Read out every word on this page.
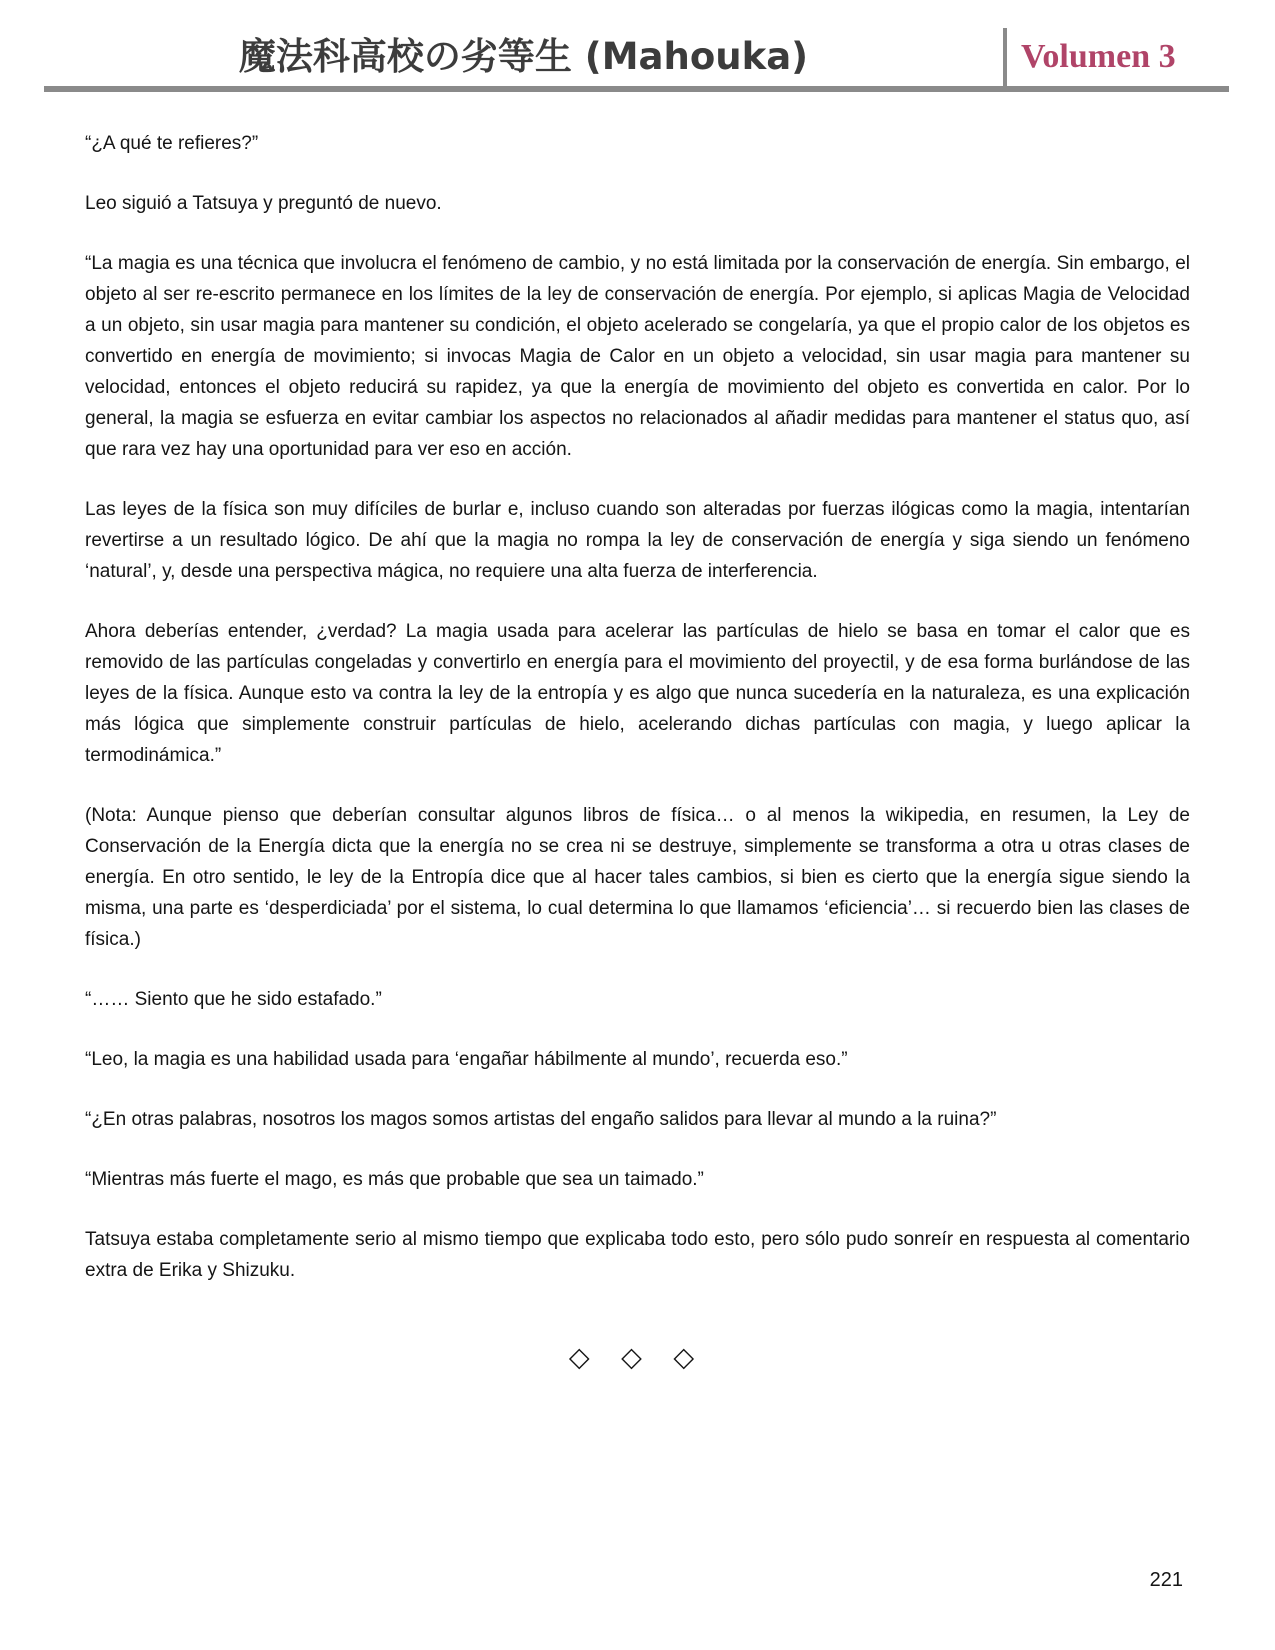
魔法科高校の劣等生 (Mahouka)	Volumen 3

“¿A qué te refieres?”

Leo siguió a Tatsuya y preguntó de nuevo.

“La magia es una técnica que involucra el fenómeno de cambio, y no está limitada por la conservación de energía. Sin embargo, el objeto al ser re-escrito permanece en los límites de la ley de conservación de energía. Por ejemplo, si aplicas Magia de Velocidad a un objeto, sin usar magia para mantener su condición, el objeto acelerado se congelaría, ya que el propio calor de los objetos es convertido en energía de movimiento; si invocas Magia de Calor en un objeto a velocidad, sin usar magia para mantener su velocidad, entonces el objeto reducirá su rapidez, ya que la energía de movimiento del objeto es convertida en calor. Por lo general, la magia se esfuerza en evitar cambiar los aspectos no relacionados al añadir medidas para mantener el status quo, así que rara vez hay una oportunidad para ver eso en acción.

Las leyes de la física son muy difíciles de burlar e, incluso cuando son alteradas por fuerzas ilógicas como la magia, intentarían revertirse a un resultado lógico. De ahí que la magia no rompa la ley de conservación de energía y siga siendo un fenómeno ‘natural’, y, desde una perspectiva mágica, no requiere una alta fuerza de interferencia.

Ahora deberías entender, ¿verdad? La magia usada para acelerar las partículas de hielo se basa en tomar el calor que es removido de las partículas congeladas y convertirlo en energía para el movimiento del proyectil, y de esa forma burlándose de las leyes de la física. Aunque esto va contra la ley de la entropía y es algo que nunca sucedería en la naturaleza, es una explicación más lógica que simplemente construir partículas de hielo, acelerando dichas partículas con magia, y luego aplicar la termodinámica.”

(Nota: Aunque pienso que deberían consultar algunos libros de física… o al menos la wikipedia, en resumen, la Ley de Conservación de la Energía dicta que la energía no se crea ni se destruye, simplemente se transforma a otra u otras clases de energía. En otro sentido, le ley de la Entropía dice que al hacer tales cambios, si bien es cierto que la energía sigue siendo la misma, una parte es ‘desperdiciada’ por el sistema, lo cual determina lo que llamamos ‘eficiencia’… si recuerdo bien las clases de física.)

“…… Siento que he sido estafado.”

“Leo, la magia es una habilidad usada para ‘engañar hábilmente al mundo’, recuerda eso.”

“¿En otras palabras, nosotros los magos somos artistas del engaño salidos para llevar al mundo a la ruina?”

“Mientras más fuerte el mago, es más que probable que sea un taimado.”

Tatsuya estaba completamente serio al mismo tiempo que explicaba todo esto, pero sólo pudo sonreír en respuesta al comentario extra de Erika y Shizuku.

◇ ◇ ◇
221
